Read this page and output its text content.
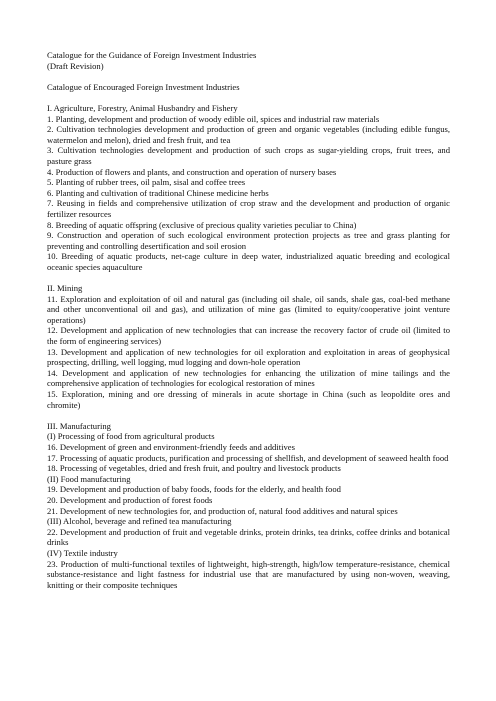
Catalogue for the Guidance of Foreign Investment Industries
(Draft Revision)
Catalogue of Encouraged Foreign Investment Industries
I. Agriculture, Forestry, Animal Husbandry and Fishery
1. Planting, development and production of woody edible oil, spices and industrial raw materials
2. Cultivation technologies development and production of green and organic vegetables (including edible fungus, watermelon and melon), dried and fresh fruit, and tea
3. Cultivation technologies development and production of such crops as sugar-yielding crops, fruit trees, and pasture grass
4. Production of flowers and plants, and construction and operation of nursery bases
5. Planting of rubber trees, oil palm, sisal and coffee trees
6. Planting and cultivation of traditional Chinese medicine herbs
7. Reusing in fields and comprehensive utilization of crop straw and the development and production of organic fertilizer resources
8. Breeding of aquatic offspring (exclusive of precious quality varieties peculiar to China)
9. Construction and operation of such ecological environment protection projects as tree and grass planting for preventing and controlling desertification and soil erosion
10. Breeding of aquatic products, net-cage culture in deep water, industrialized aquatic breeding and ecological oceanic species aquaculture
II. Mining
11. Exploration and exploitation of oil and natural gas (including oil shale, oil sands, shale gas, coal-bed methane and other unconventional oil and gas), and utilization of mine gas (limited to equity/cooperative joint venture operations)
12. Development and application of new technologies that can increase the recovery factor of crude oil (limited to the form of engineering services)
13. Development and application of new technologies for oil exploration and exploitation in areas of geophysical prospecting, drilling, well logging, mud logging and down-hole operation
14. Development and application of new technologies for enhancing the utilization of mine tailings and the comprehensive application of technologies for ecological restoration of mines
15. Exploration, mining and ore dressing of minerals in acute shortage in China (such as leopoldite ores and chromite)
III. Manufacturing
(I) Processing of food from agricultural products
16. Development of green and environment-friendly feeds and additives
17. Processing of aquatic products, purification and processing of shellfish, and development of seaweed health food
18. Processing of vegetables, dried and fresh fruit, and poultry and livestock products
(II) Food manufacturing
19. Development and production of baby foods, foods for the elderly, and health food
20. Development and production of forest foods
21. Development of new technologies for, and production of, natural food additives and natural spices
(III) Alcohol, beverage and refined tea manufacturing
22. Development and production of fruit and vegetable drinks, protein drinks, tea drinks, coffee drinks and botanical drinks
(IV) Textile industry
23. Production of multi-functional textiles of lightweight, high-strength, high/low temperature-resistance, chemical substance-resistance and light fastness for industrial use that are manufactured by using non-woven, weaving, knitting or their composite techniques
